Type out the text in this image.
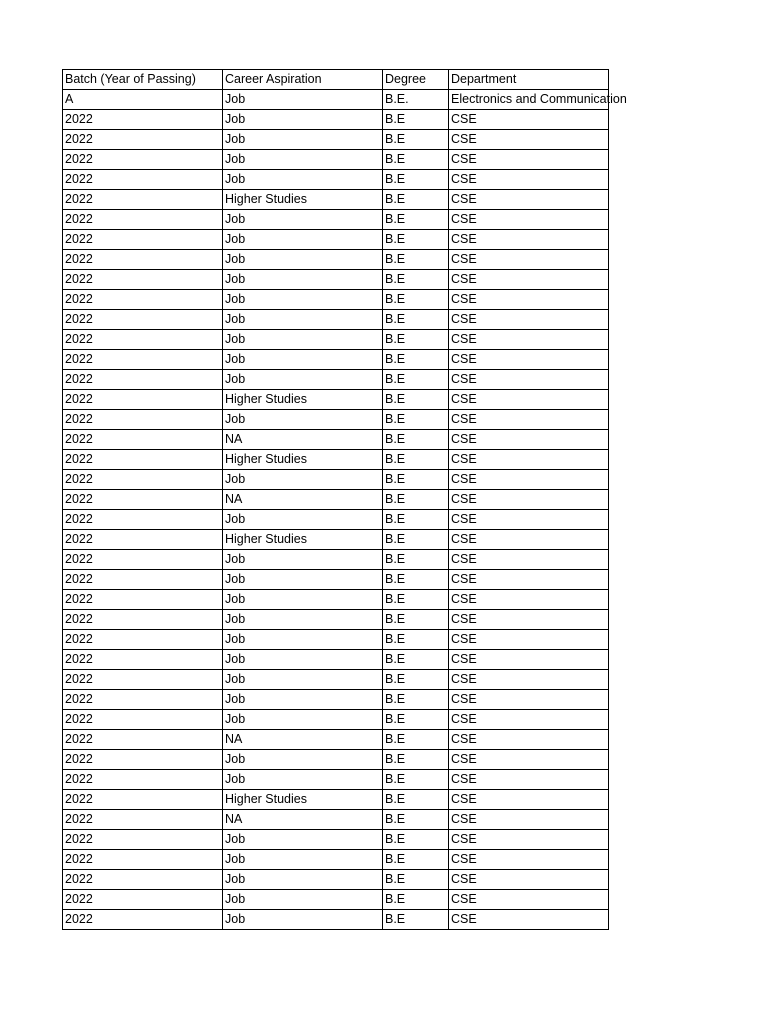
Batch (Year of Passing)	Career Aspiration	Degree	Department
A	Job	B.E.	Electronics and Communication
2022	Job	B.E	CSE
2022	Job	B.E	CSE
2022	Job	B.E	CSE
2022	Job	B.E	CSE
2022	Higher Studies	B.E	CSE
2022	Job	B.E	CSE
2022	Job	B.E	CSE
2022	Job	B.E	CSE
2022	Job	B.E	CSE
2022	Job	B.E	CSE
2022	Job	B.E	CSE
2022	Job	B.E	CSE
2022	Job	B.E	CSE
2022	Job	B.E	CSE
2022	Higher Studies	B.E	CSE
2022	Job	B.E	CSE
2022	NA	B.E	CSE
2022	Higher Studies	B.E	CSE
2022	Job	B.E	CSE
2022	NA	B.E	CSE
2022	Job	B.E	CSE
2022	Higher Studies	B.E	CSE
2022	Job	B.E	CSE
2022	Job	B.E	CSE
2022	Job	B.E	CSE
2022	Job	B.E	CSE
2022	Job	B.E	CSE
2022	Job	B.E	CSE
2022	Job	B.E	CSE
2022	Job	B.E	CSE
2022	Job	B.E	CSE
2022	NA	B.E	CSE
2022	Job	B.E	CSE
2022	Job	B.E	CSE
2022	Higher Studies	B.E	CSE
2022	NA	B.E	CSE
2022	Job	B.E	CSE
2022	Job	B.E	CSE
2022	Job	B.E	CSE
2022	Job	B.E	CSE
2022	Job	B.E	CSE
